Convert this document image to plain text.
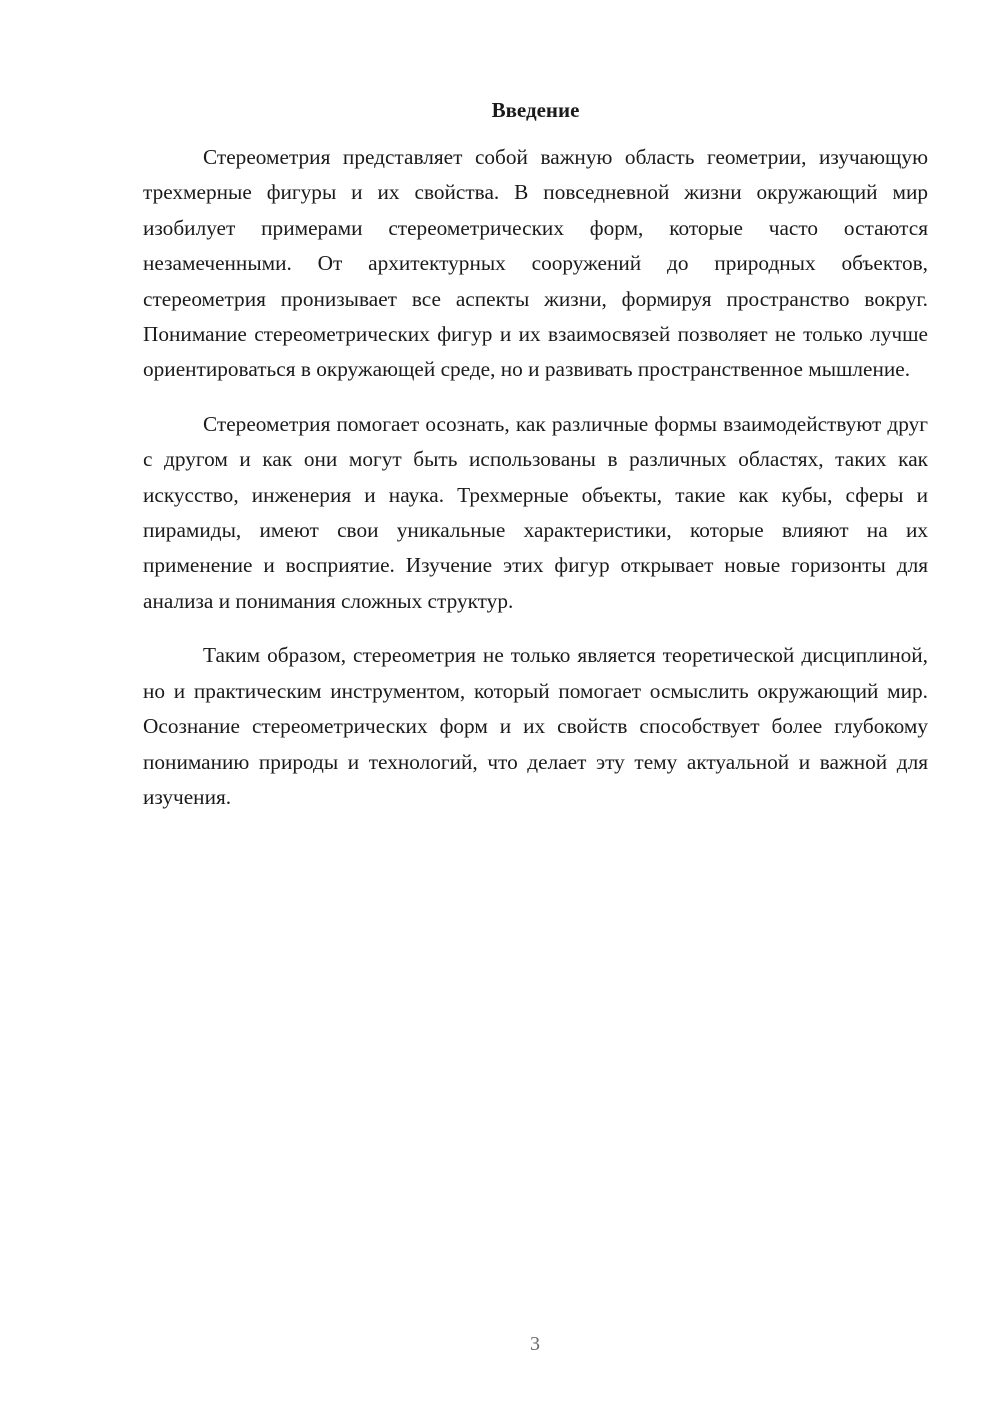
Введение

Стереометрия представляет собой важную область геометрии, изучающую трехмерные фигуры и их свойства. В повседневной жизни окружающий мир изобилует примерами стереометрических форм, которые часто остаются незамеченными. От архитектурных сооружений до природных объектов, стереометрия пронизывает все аспекты жизни, формируя пространство вокруг. Понимание стереометрических фигур и их взаимосвязей позволяет не только лучше ориентироваться в окружающей среде, но и развивать пространственное мышление.

Стереометрия помогает осознать, как различные формы взаимодействуют друг с другом и как они могут быть использованы в различных областях, таких как искусство, инженерия и наука. Трехмерные объекты, такие как кубы, сферы и пирамиды, имеют свои уникальные характеристики, которые влияют на их применение и восприятие. Изучение этих фигур открывает новые горизонты для анализа и понимания сложных структур.

Таким образом, стереометрия не только является теоретической дисциплиной, но и практическим инструментом, который помогает осмыслить окружающий мир. Осознание стереометрических форм и их свойств способствует более глубокому пониманию природы и технологий, что делает эту тему актуальной и важной для изучения.

3
